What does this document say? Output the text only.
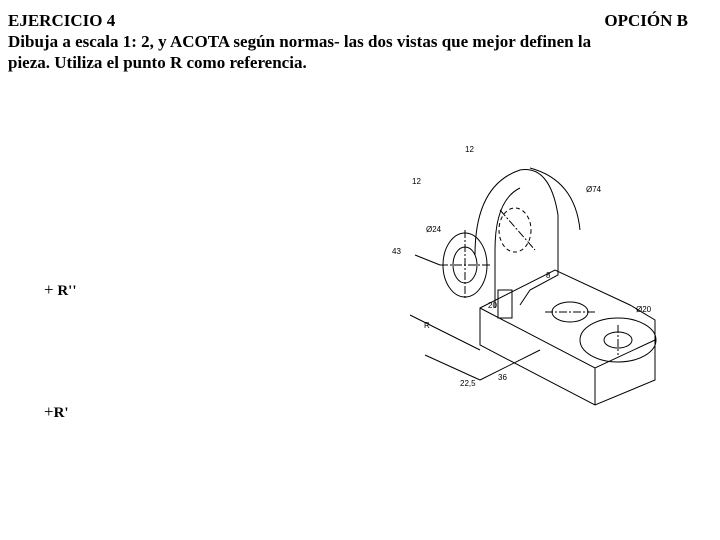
EJERCICIO 4	OPCIÓN B
Dibuja a escala 1: 2, y ACOTA según normas- las dos vistas que mejor definen la
pieza. Utiliza el punto R como referencia.
+ R''
+R'
12
12
Ø74
Ø24
43
20
8
Ø20
R
22,5
36
